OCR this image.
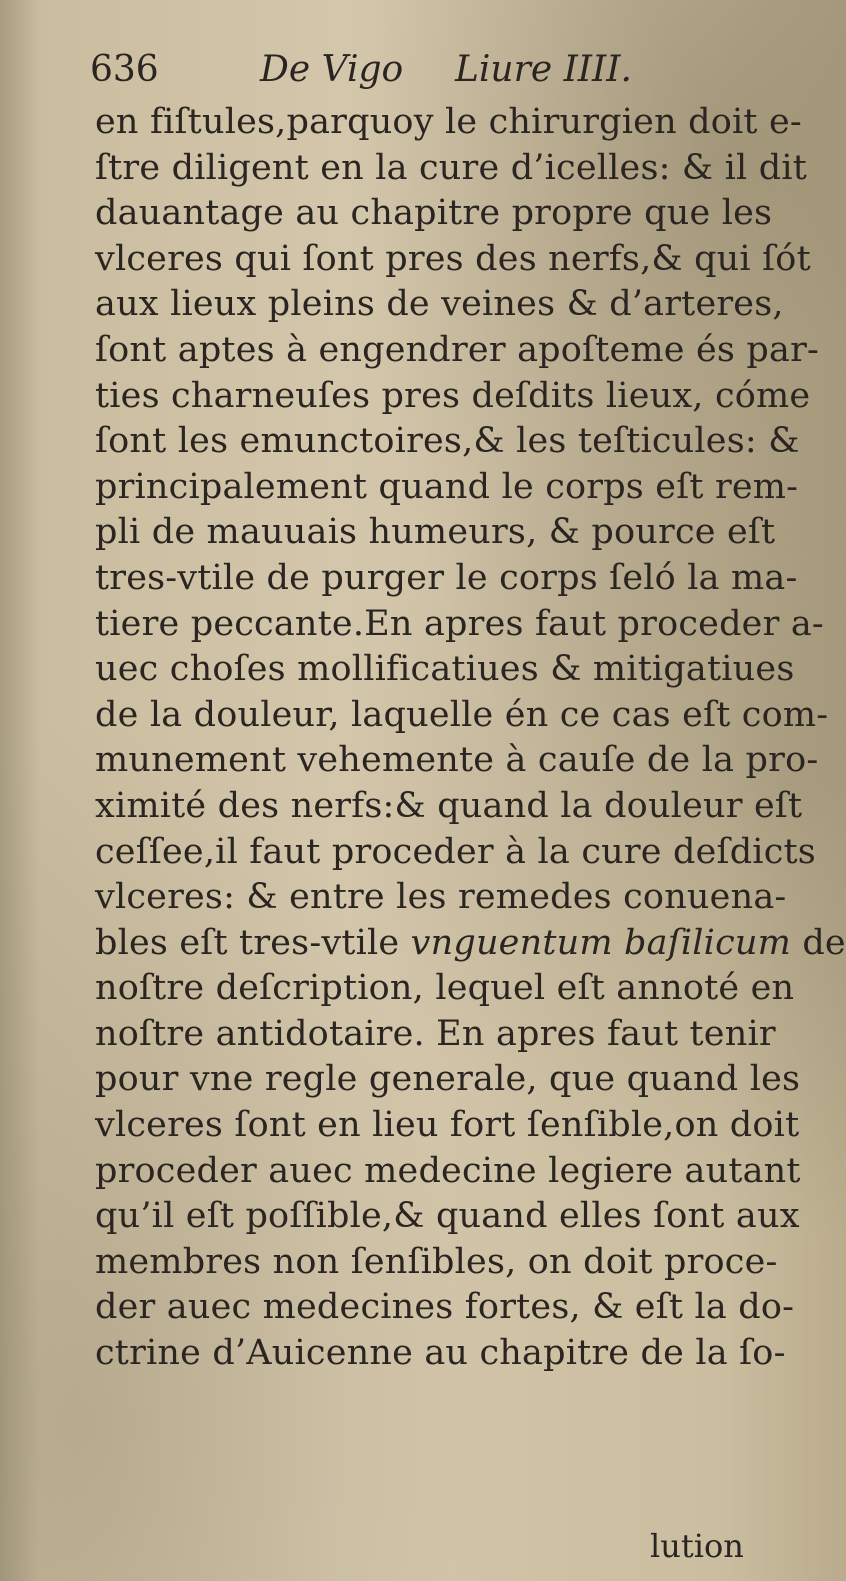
636	De Vigo Liure IIII.
en fiſtules,parquoy le chirurgien doit e-
ſtre diligent en la cure d’icelles: & il dit
dauantage au chapitre propre que les
vlceres qui ſont pres des nerfs,& qui ſót
aux lieux pleins de veines & d’arteres,
ſont aptes à engendrer apoſteme és par-
ties charneuſes pres deſdits lieux, cóme
ſont les emunctoires,& les teſticules: &
principalement quand le corps eſt rem-
pli de mauuais humeurs, & pource eſt
tres-vtile de purger le corps ſeló la ma-
tiere peccante.En apres faut proceder a-
uec choſes mollificatiues & mitigatiues
de la douleur, laquelle én ce cas eſt com-
munement vehemente à cauſe de la pro-
ximité des nerfs:& quand la douleur eſt
ceſſee,il faut proceder à la cure deſdicts
vlceres: & entre les remedes conuena-
bles eſt tres-vtile vnguentum baſilicum de
noſtre deſcription, lequel eſt annoté en
noſtre antidotaire. En apres faut tenir
pour vne regle generale, que quand les
vlceres ſont en lieu fort ſenſible,on doit
proceder auec medecine legiere autant
qu’il eſt poſſible,& quand elles ſont aux
membres non ſenſibles, on doit proce-
der auec medecines fortes, & eſt la do-
ctrine d’Auicenne au chapitre de la ſo-
lution
